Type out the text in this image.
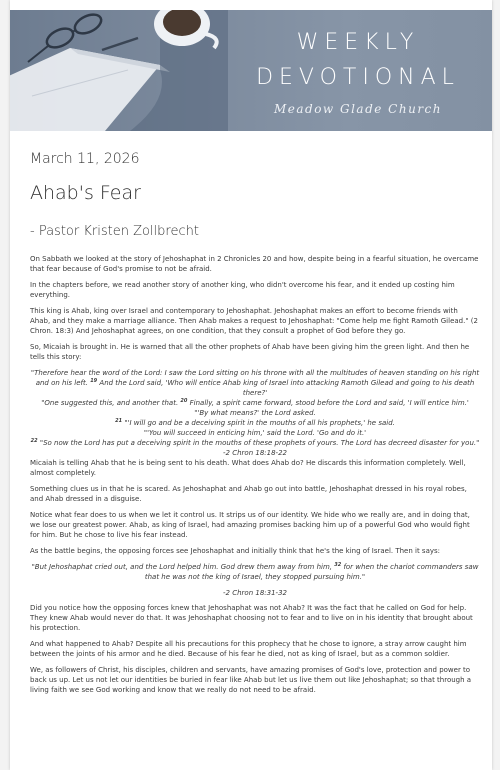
WEEKLY
DEVOTIONAL
Meadow Glade Church
March 11, 2026
Ahab's Fear
- Pastor Kristen Zollbrecht

On Sabbath we looked at the story of Jehoshaphat in 2 Chronicles 20 and how, despite being in a fearful situation, he overcame that fear because of God's promise to not be afraid.

In the chapters before, we read another story of another king, who didn't overcome his fear, and it ended up costing him everything.

This king is Ahab, king over Israel and contemporary to Jehoshaphat. Jehoshaphat makes an effort to become friends with Ahab, and they make a marriage alliance. Then Ahab makes a request to Jehoshaphat: "Come help me fight Ramoth Gilead." (2 Chron. 18:3) And Jehoshaphat agrees, on one condition, that they consult a prophet of God before they go.

So, Micaiah is brought in. He is warned that all the other prophets of Ahab have been giving him the green light. And then he tells this story:

"Therefore hear the word of the Lord: I saw the Lord sitting on his throne with all the multitudes of heaven standing on his right and on his left. $^{19}$ And the Lord said, 'Who will entice Ahab king of Israel into attacking Ramoth Gilead and going to his death there?'

"One suggested this, and another that. $^{20}$ Finally, a spirit came forward, stood before the Lord and said, 'I will entice him.'

"'By what means?' the Lord asked.

$^{21}$ "'I will go and be a deceiving spirit in the mouths of all his prophets,' he said.

"'You will succeed in enticing him,' said the Lord. 'Go and do it.'

$^{22}$ "So now the Lord has put a deceiving spirit in the mouths of these prophets of yours. The Lord has decreed disaster for you."

-2 Chron 18:18-22

Micaiah is telling Ahab that he is being sent to his death. What does Ahab do? He discards this information completely. Well, almost completely.

Something clues us in that he is scared. As Jehoshaphat and Ahab go out into battle, Jehoshaphat dressed in his royal robes, and Ahab dressed in a disguise.

Notice what fear does to us when we let it control us. It strips us of our identity. We hide who we really are, and in doing that, we lose our greatest power. Ahab, as king of Israel, had amazing promises backing him up of a powerful God who would fight for him. But he chose to live his fear instead.

As the battle begins, the opposing forces see Jehoshaphat and initially think that he's the king of Israel. Then it says:

"But Jehoshaphat cried out, and the Lord helped him. God drew them away from him, $^{32}$ for when the chariot commanders saw that he was not the king of Israel, they stopped pursuing him."

-2 Chron 18:31-32

Did you notice how the opposing forces knew that Jehoshaphat was not Ahab? It was the fact that he called on God for help. They knew Ahab would never do that. It was Jehoshaphat choosing not to fear and to live on in his identity that brought about his protection.

And what happened to Ahab? Despite all his precautions for this prophecy that he chose to ignore, a stray arrow caught him between the joints of his armor and he died. Because of his fear he died, not as king of Israel, but as a common soldier.

We, as followers of Christ, his disciples, children and servants, have amazing promises of God's love, protection and power to back us up. Let us not let our identities be buried in fear like Ahab but let us live them out like Jehoshaphat; so that through a living faith we see God working and know that we really do not need to be afraid.
